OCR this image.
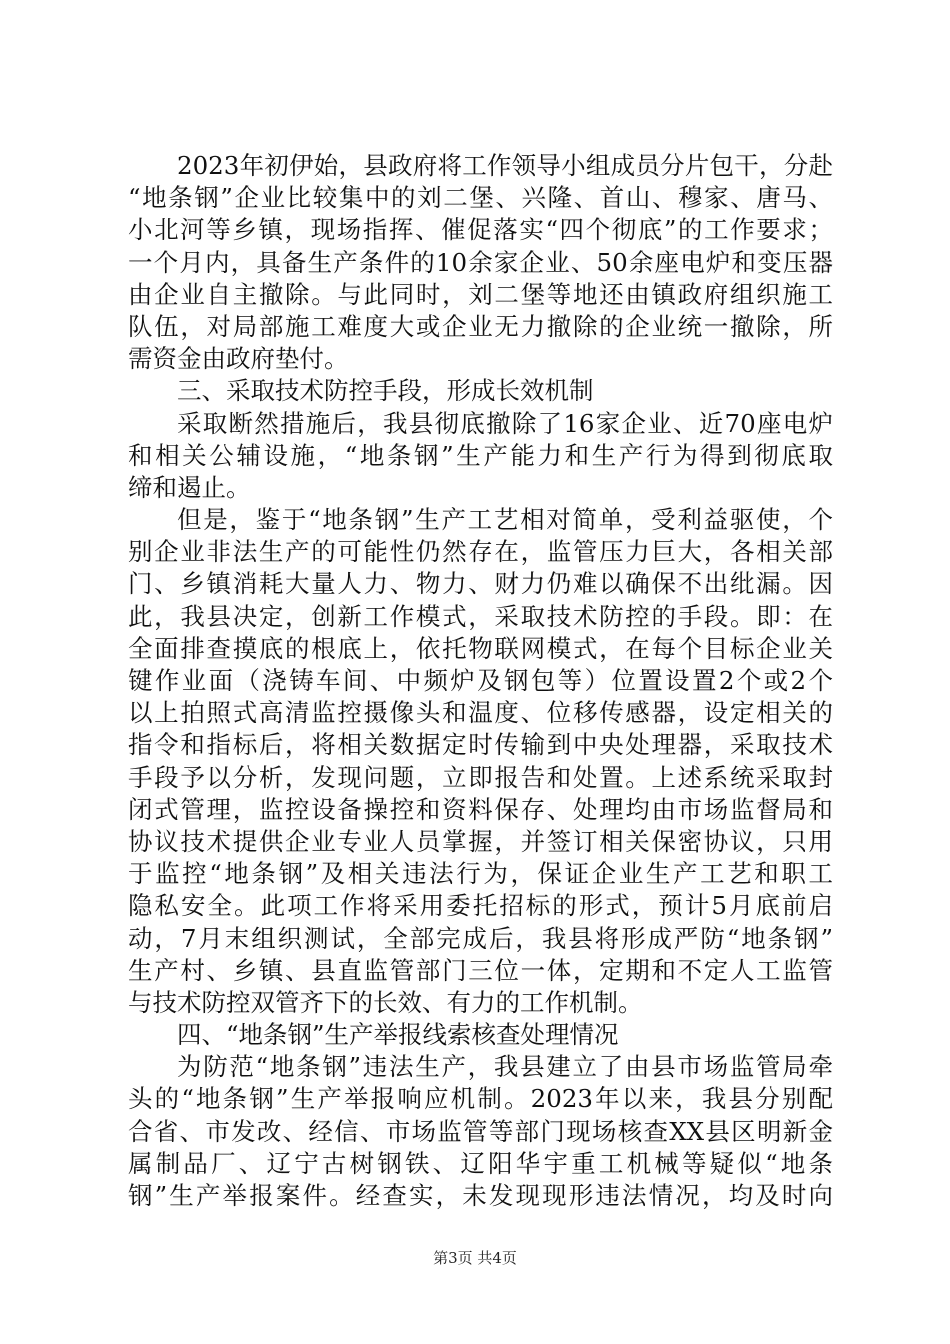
2023年初伊始，县政府将工作领导小组成员分片包干，分赴
“地条钢”企业比较集中的刘二堡、兴隆、首山、穆家、唐马、
小北河等乡镇，现场指挥、催促落实“四个彻底”的工作要求；
一个月内，具备生产条件的10余家企业、50余座电炉和变压器
由企业自主撤除。与此同时，刘二堡等地还由镇政府组织施工
队伍，对局部施工难度大或企业无力撤除的企业统一撤除，所
需资金由政府垫付。
三、采取技术防控手段，形成长效机制
采取断然措施后，我县彻底撤除了16家企业、近70座电炉
和相关公辅设施，“地条钢”生产能力和生产行为得到彻底取
缔和遏止。
但是，鉴于“地条钢”生产工艺相对简单，受利益驱使，个
别企业非法生产的可能性仍然存在，监管压力巨大，各相关部
门、乡镇消耗大量人力、物力、财力仍难以确保不出纰漏。因
此，我县决定，创新工作模式，采取技术防控的手段。即：在
全面排查摸底的根底上，依托物联网模式，在每个目标企业关
键作业面（浇铸车间、中频炉及钢包等）位置设置2个或2个
以上拍照式高清监控摄像头和温度、位移传感器，设定相关的
指令和指标后，将相关数据定时传输到中央处理器，采取技术
手段予以分析，发现问题，立即报告和处置。上述系统采取封
闭式管理，监控设备操控和资料保存、处理均由市场监督局和
协议技术提供企业专业人员掌握，并签订相关保密协议，只用
于监控“地条钢”及相关违法行为，保证企业生产工艺和职工
隐私安全。此项工作将采用委托招标的形式，预计5月底前启
动，7月末组织测试，全部完成后，我县将形成严防“地条钢”
生产村、乡镇、县直监管部门三位一体，定期和不定人工监管
与技术防控双管齐下的长效、有力的工作机制。
四、“地条钢”生产举报线索核查处理情况
为防范“地条钢”违法生产，我县建立了由县市场监管局牵
头的“地条钢”生产举报响应机制。2023年以来，我县分别配
合省、市发改、经信、市场监管等部门现场核查XX县区明新金
属制品厂、辽宁古树钢铁、辽阳华宇重工机械等疑似“地条
钢”生产举报案件。经查实，未发现现形违法情况，均及时向
第3页 共4页
